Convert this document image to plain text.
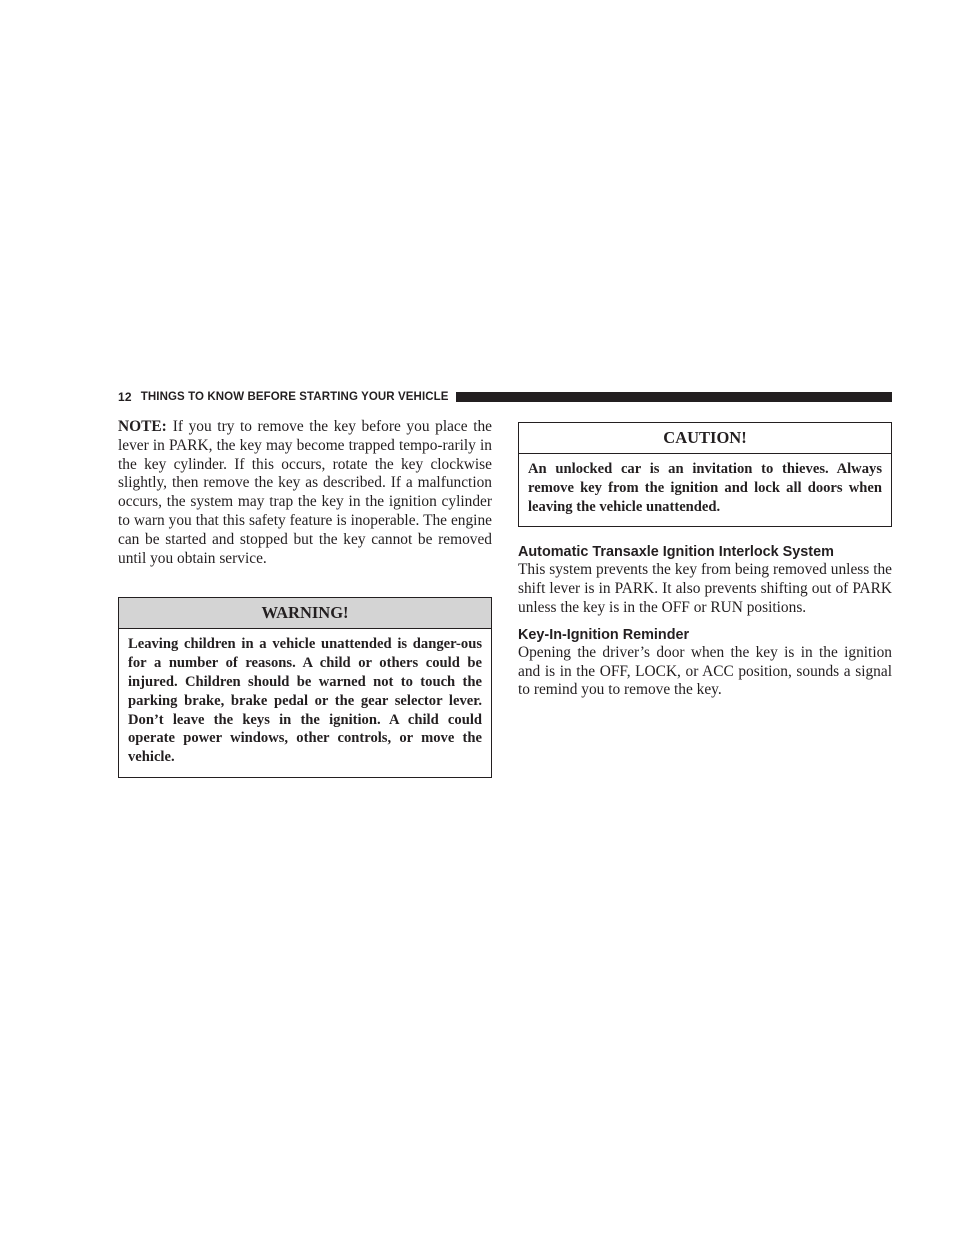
12 THINGS TO KNOW BEFORE STARTING YOUR VEHICLE

NOTE: If you try to remove the key before you place the lever in PARK, the key may become trapped tempo-rarily in the key cylinder. If this occurs, rotate the key clockwise slightly, then remove the key as described. If a malfunction occurs, the system may trap the key in the ignition cylinder to warn you that this safety feature is inoperable. The engine can be started and stopped but the key cannot be removed until you obtain service.

WARNING!
Leaving children in a vehicle unattended is danger-ous for a number of reasons. A child or others could be injured. Children should be warned not to touch the parking brake, brake pedal or the gear selector lever. Don’t leave the keys in the ignition. A child could operate power windows, other controls, or move the vehicle.
CAUTION!
An unlocked car is an invitation to thieves. Always remove key from the ignition and lock all doors when leaving the vehicle unattended.
Automatic Transaxle Ignition Interlock System

This system prevents the key from being removed unless the shift lever is in PARK. It also prevents shifting out of PARK unless the key is in the OFF or RUN positions.

Key-In-Ignition Reminder

Opening the driver’s door when the key is in the ignition and is in the OFF, LOCK, or ACC position, sounds a signal to remind you to remove the key.
